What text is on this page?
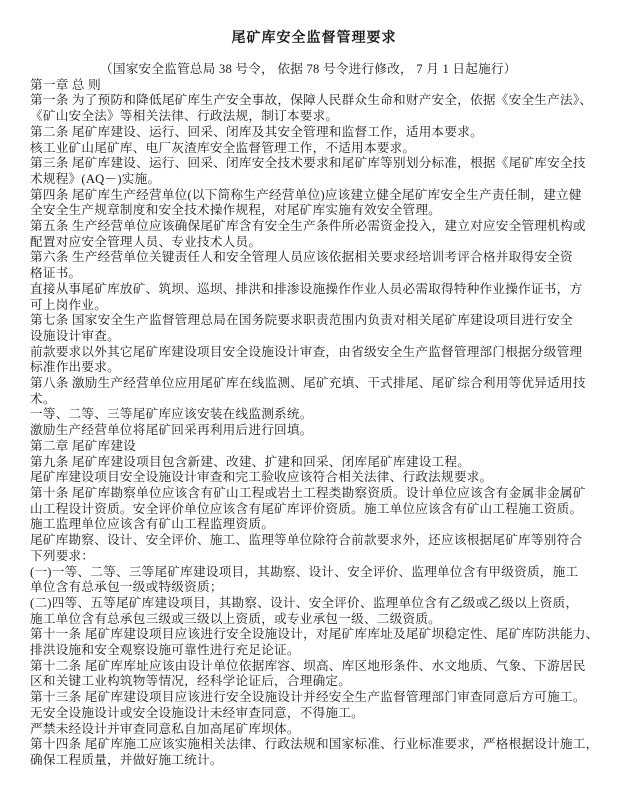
尾矿库安全监督管理要求
（国家安全监管总局 38 号令， 依据 78 号令进行修改， 7 月 1 日起施行）
第一章 总 则
第一条 为了预防和降低尾矿库生产安全事故，保障人民群众生命和财产安全，依据《安全生产法》、
《矿山安全法》等相关法律、行政法规，制订本要求。
第二条 尾矿库建设、运行、回采、闭库及其安全管理和监督工作，适用本要求。
核工业矿山尾矿库、电厂灰渣库安全监督管理工作，不适用本要求。
第三条 尾矿库建设、运行、回采、闭库安全技术要求和尾矿库等别划分标准，根据《尾矿库安全技
术规程》(AQ－)实施。
第四条 尾矿库生产经营单位(以下简称生产经营单位)应该建立健全尾矿库安全生产责任制，建立健
全安全生产规章制度和安全技术操作规程，对尾矿库实施有效安全管理。
第五条 生产经营单位应该确保尾矿库含有安全生产条件所必需资金投入，建立对应安全管理机构或
配置对应安全管理人员、专业技术人员。
第六条 生产经营单位关键责任人和安全管理人员应该依据相关要求经培训考评合格并取得安全资
格证书。
直接从事尾矿库放矿、筑坝、巡坝、排洪和排渗设施操作作业人员必需取得特种作业操作证书，方
可上岗作业。
第七条 国家安全生产监督管理总局在国务院要求职责范围内负责对相关尾矿库建设项目进行安全
设施设计审查。
前款要求以外其它尾矿库建设项目安全设施设计审查，由省级安全生产监督管理部门根据分级管理
标准作出要求。
第八条 激励生产经营单位应用尾矿库在线监测、尾矿充填、干式排尾、尾矿综合利用等优异适用技
术。
一等、二等、三等尾矿库应该安装在线监测系统。
激励生产经营单位将尾矿回采再利用后进行回填。
第二章 尾矿库建设
第九条 尾矿库建设项目包含新建、改建、扩建和回采、闭库尾矿库建设工程。
尾矿库建设项目安全设施设计审查和完工验收应该符合相关法律、行政法规要求。
第十条 尾矿库勘察单位应该含有矿山工程或岩土工程类勘察资质。设计单位应该含有金属非金属矿
山工程设计资质。安全评价单位应该含有尾矿库评价资质。施工单位应该含有矿山工程施工资质。
施工监理单位应该含有矿山工程监理资质。
尾矿库勘察、设计、安全评价、施工、监理等单位除符合前款要求外，还应该根据尾矿库等别符合
下列要求：
(一)一等、二等、三等尾矿库建设项目，其勘察、设计、安全评价、监理单位含有甲级资质，施工
单位含有总承包一级或特级资质；
(二)四等、五等尾矿库建设项目，其勘察、设计、安全评价、监理单位含有乙级或乙级以上资质，
施工单位含有总承包三级或三级以上资质，或专业承包一级、二级资质。
第十一条 尾矿库建设项目应该进行安全设施设计，对尾矿库库址及尾矿坝稳定性、尾矿库防洪能力、
排洪设施和安全观察设施可靠性进行充足论证。
第十二条 尾矿库库址应该由设计单位依据库容、坝高、库区地形条件、水文地质、气象、下游居民
区和关键工业构筑物等情况，经科学论证后，合理确定。
第十三条 尾矿库建设项目应该进行安全设施设计并经安全生产监督管理部门审查同意后方可施工。
无安全设施设计或安全设施设计未经审查同意，不得施工。
严禁未经设计并审查同意私自加高尾矿库坝体。
第十四条 尾矿库施工应该实施相关法律、行政法规和国家标准、行业标准要求，严格根据设计施工，
确保工程质量，并做好施工统计。
